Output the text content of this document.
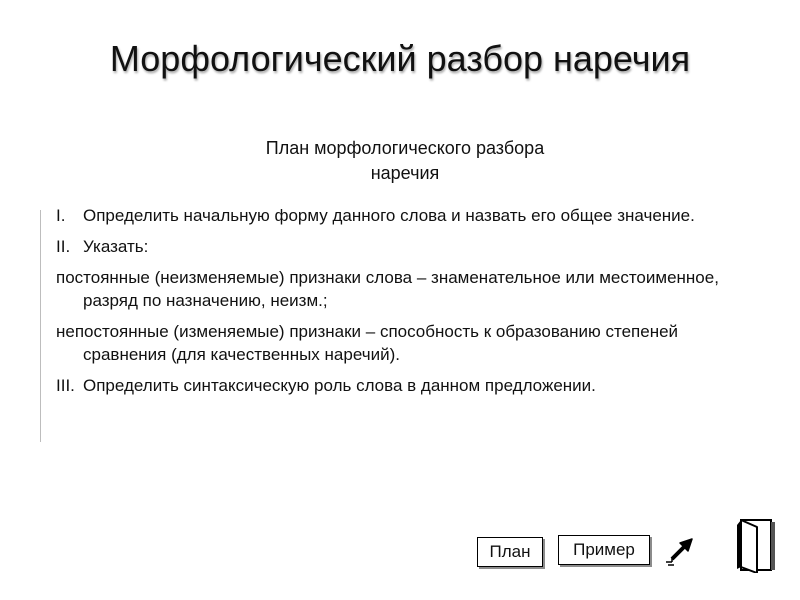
Морфологический разбор наречия
План морфологического разбора
наречия
I.	Определить начальную форму данного слова и назвать его общее значение.
II. Указать:
постоянные (неизменяемые) признаки слова – знаменательное или местоименное, разряд по назначению, неизм.;
непостоянные (изменяемые) признаки – способность к образованию степеней сравнения (для качественных наречий).
III. Определить синтаксическую роль слова в данном предложении.
План	Пример
